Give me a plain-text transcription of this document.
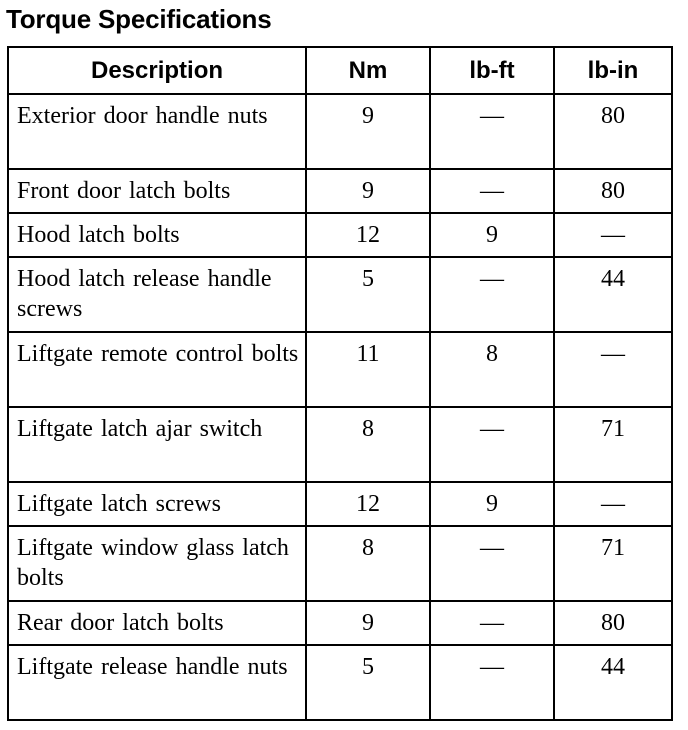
Torque Specifications
Description	Nm	lb-ft	lb-in
Exterior door handle nuts	9	—	80
Front door latch bolts	9	—	80
Hood latch bolts	12	9	—
Hood latch release handle screws	5	—	44
Liftgate remote control bolts	11	8	—
Liftgate latch ajar switch	8	—	71
Liftgate latch screws	12	9	—
Liftgate window glass latch bolts	8	—	71
Rear door latch bolts	9	—	80
Liftgate release handle nuts	5	—	44
